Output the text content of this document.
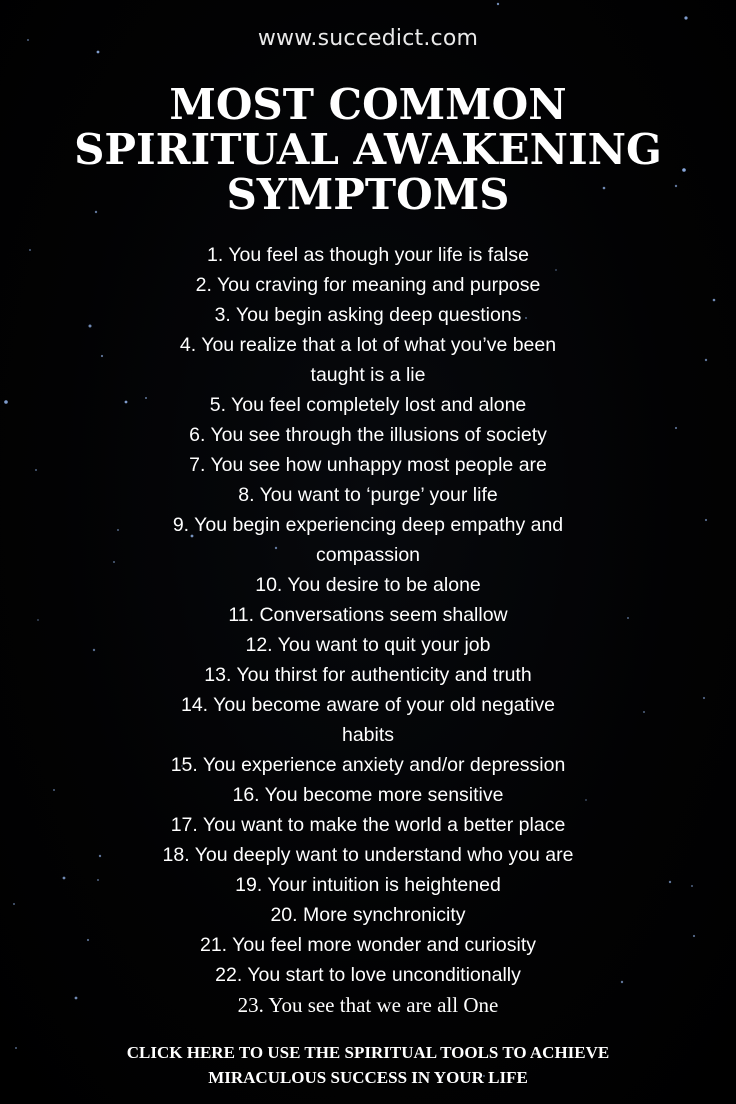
www.succedict.com
MOST COMMON
SPIRITUAL AWAKENING
SYMPTOMS
1. You feel as though your life is false
2. You craving for meaning and purpose
3. You begin asking deep questions
4. You realize that a lot of what you’ve been
taught is a lie
5. You feel completely lost and alone
6. You see through the illusions of society
7. You see how unhappy most people are
8. You want to ‘purge’ your life
9. You begin experiencing deep empathy and
compassion
10. You desire to be alone
11. Conversations seem shallow
12. You want to quit your job
13. You thirst for authenticity and truth
14. You become aware of your old negative
habits
15. You experience anxiety and/or depression
16. You become more sensitive
17. You want to make the world a better place
18. You deeply want to understand who you are
19. Your intuition is heightened
20. More synchronicity
21. You feel more wonder and curiosity
22. You start to love unconditionally
23. You see that we are all One
CLICK HERE TO USE THE SPIRITUAL TOOLS TO ACHIEVE
MIRACULOUS SUCCESS IN YOUR LIFE
